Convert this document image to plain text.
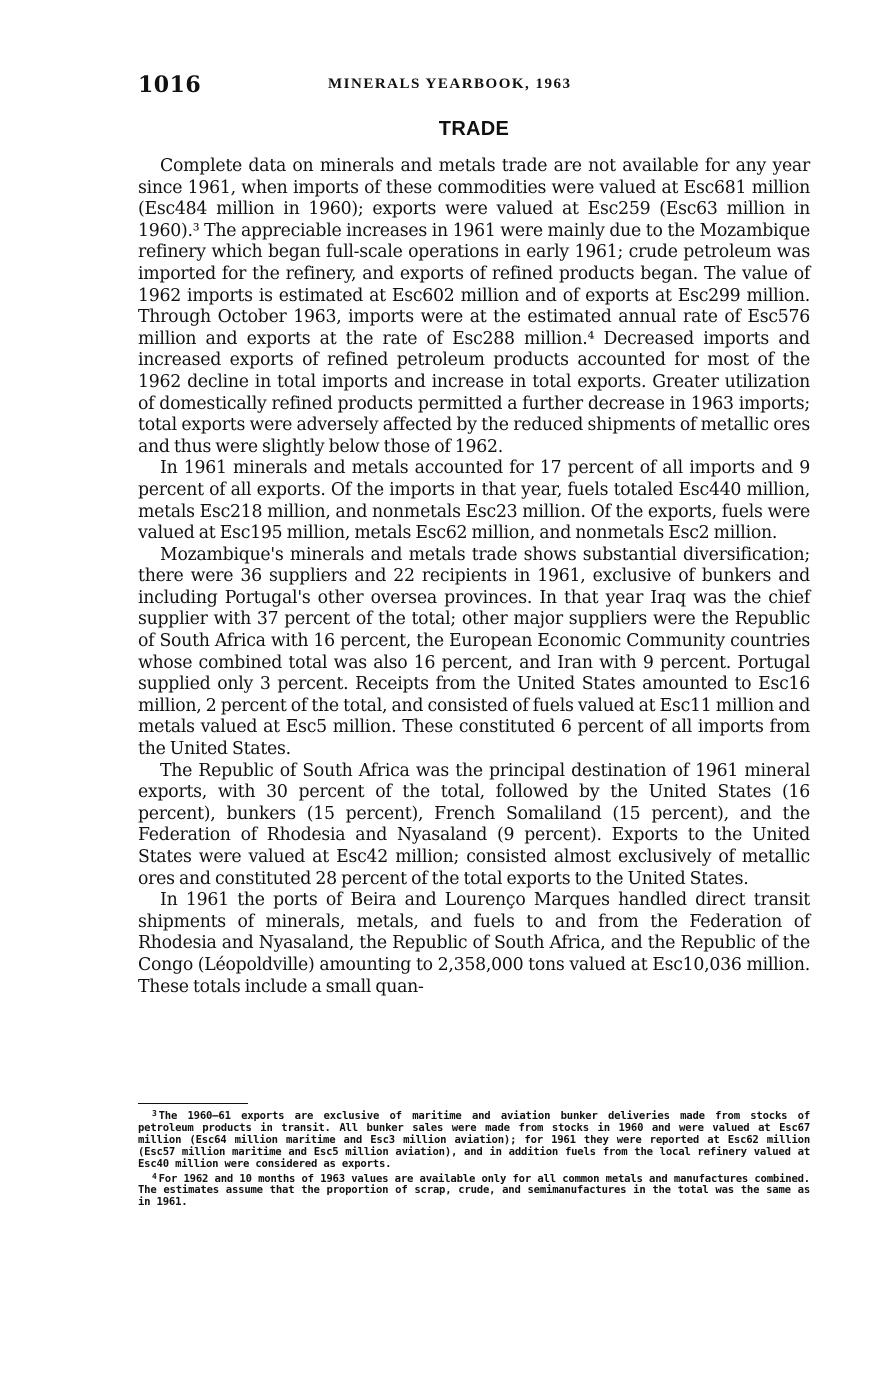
1016	MINERALS YEARBOOK, 1963
TRADE

Complete data on minerals and metals trade are not available for any year since 1961, when imports of these commodities were valued at Esc681 million (Esc484 million in 1960); exports were valued at Esc259 (Esc63 million in 1960).³ The appreciable increases in 1961 were mainly due to the Mozambique refinery which began full-scale operations in early 1961; crude petroleum was imported for the refinery, and exports of refined products began. The value of 1962 imports is estimated at Esc602 million and of exports at Esc299 million. Through October 1963, imports were at the estimated annual rate of Esc576 million and exports at the rate of Esc288 million.⁴ Decreased imports and increased exports of refined petroleum products accounted for most of the 1962 decline in total imports and increase in total exports. Greater utilization of domestically refined products permitted a further decrease in 1963 imports; total exports were adversely affected by the reduced shipments of metallic ores and thus were slightly below those of 1962.

In 1961 minerals and metals accounted for 17 percent of all imports and 9 percent of all exports. Of the imports in that year, fuels totaled Esc440 million, metals Esc218 million, and nonmetals Esc23 million. Of the exports, fuels were valued at Esc195 million, metals Esc62 million, and nonmetals Esc2 million.

Mozambique's minerals and metals trade shows substantial diversification; there were 36 suppliers and 22 recipients in 1961, exclusive of bunkers and including Portugal's other oversea provinces. In that year Iraq was the chief supplier with 37 percent of the total; other major suppliers were the Republic of South Africa with 16 percent, the European Economic Community countries whose combined total was also 16 percent, and Iran with 9 percent. Portugal supplied only 3 percent. Receipts from the United States amounted to Esc16 million, 2 percent of the total, and consisted of fuels valued at Esc11 million and metals valued at Esc5 million. These constituted 6 percent of all imports from the United States.

The Republic of South Africa was the principal destination of 1961 mineral exports, with 30 percent of the total, followed by the United States (16 percent), bunkers (15 percent), French Somaliland (15 percent), and the Federation of Rhodesia and Nyasaland (9 percent). Exports to the United States were valued at Esc42 million; consisted almost exclusively of metallic ores and constituted 28 percent of the total exports to the United States.

In 1961 the ports of Beira and Lourenço Marques handled direct transit shipments of minerals, metals, and fuels to and from the Federation of Rhodesia and Nyasaland, the Republic of South Africa, and the Republic of the Congo (Léopoldville) amounting to 2,358,000 tons valued at Esc10,036 million. These totals include a small quan-

$^3$ The 1960–61 exports are exclusive of maritime and aviation bunker deliveries made from stocks of petroleum products in transit. All bunker sales were made from stocks in 1960 and were valued at Esc67 million (Esc64 million maritime and Esc3 million aviation); for 1961 they were reported at Esc62 million (Esc57 million maritime and Esc5 million aviation), and in addition fuels from the local refinery valued at Esc40 million were considered as exports.

$^4$ For 1962 and 10 months of 1963 values are available only for all common metals and manufactures combined. The estimates assume that the proportion of scrap, crude, and semimanufactures in the total was the same as in 1961.
